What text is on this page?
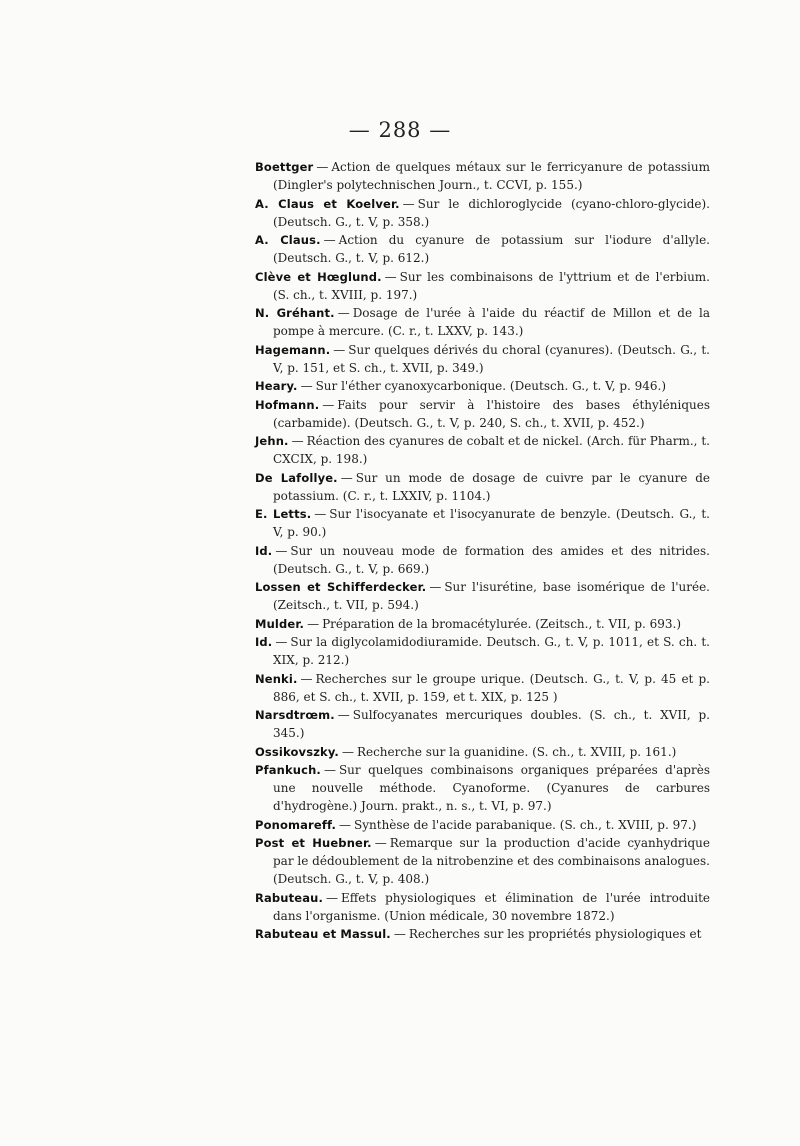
— 288 —

Boettger — Action de quelques métaux sur le ferricyanure de potassium (Dingler's polytechnischen Journ., t. CCVI, p. 155.)

A. Claus et Koelver. — Sur le dichloroglycide (cyano-chloro-glycide). (Deutsch. G., t. V, p. 358.)

A. Claus. — Action du cyanure de potassium sur l'iodure d'allyle. (Deutsch. G., t. V, p. 612.)

Clève et Hœglund. — Sur les combinaisons de l'yttrium et de l'erbium. (S. ch., t. XVIII, p. 197.)

N. Gréhant. — Dosage de l'urée à l'aide du réactif de Millon et de la pompe à mercure. (C. r., t. LXXV, p. 143.)

Hagemann. — Sur quelques dérivés du choral (cyanures). (Deutsch. G., t. V, p. 151, et S. ch., t. XVII, p. 349.)

Heary. — Sur l'éther cyanoxycarbonique. (Deutsch. G., t. V, p. 946.)

Hofmann. — Faits pour servir à l'histoire des bases éthyléniques (carbamide). (Deutsch. G., t. V, p. 240, S. ch., t. XVII, p. 452.)

Jehn. — Réaction des cyanures de cobalt et de nickel. (Arch. für Pharm., t. CXCIX, p. 198.)

De Lafollye. — Sur un mode de dosage de cuivre par le cyanure de potassium. (C. r., t. LXXIV, p. 1104.)

E. Letts. — Sur l'isocyanate et l'isocyanurate de benzyle. (Deutsch. G., t. V, p. 90.)

Id. — Sur un nouveau mode de formation des amides et des nitrides. (Deutsch. G., t. V, p. 669.)

Lossen et Schifferdecker. — Sur l'isurétine, base isomérique de l'urée. (Zeitsch., t. VII, p. 594.)

Mulder. — Préparation de la bromacétylurée. (Zeitsch., t. VII, p. 693.)

Id. — Sur la diglycolamidodiuramide. Deutsch. G., t. V, p. 1011, et S. ch. t. XIX, p. 212.)

Nenki. — Recherches sur le groupe urique. (Deutsch. G., t. V, p. 45 et p. 886, et S. ch., t. XVII, p. 159, et t. XIX, p. 125 )

Narsdtrœm. — Sulfocyanates mercuriques doubles. (S. ch., t. XVII, p. 345.)

Ossikovszky. — Recherche sur la guanidine. (S. ch., t. XVIII, p. 161.)

Pfankuch. — Sur quelques combinaisons organiques préparées d'après une nouvelle méthode. Cyanoforme. (Cyanures de carbures d'hydrogène.) Journ. prakt., n. s., t. VI, p. 97.)

Ponomareff. — Synthèse de l'acide parabanique. (S. ch., t. XVIII, p. 97.)

Post et Huebner. — Remarque sur la production d'acide cyanhydrique par le dédoublement de la nitrobenzine et des combinaisons analogues. (Deutsch. G., t. V, p. 408.)

Rabuteau. — Effets physiologiques et élimination de l'urée introduite dans l'organisme. (Union médicale, 30 novembre 1872.)

Rabuteau et Massul. — Recherches sur les propriétés physiologiques et
